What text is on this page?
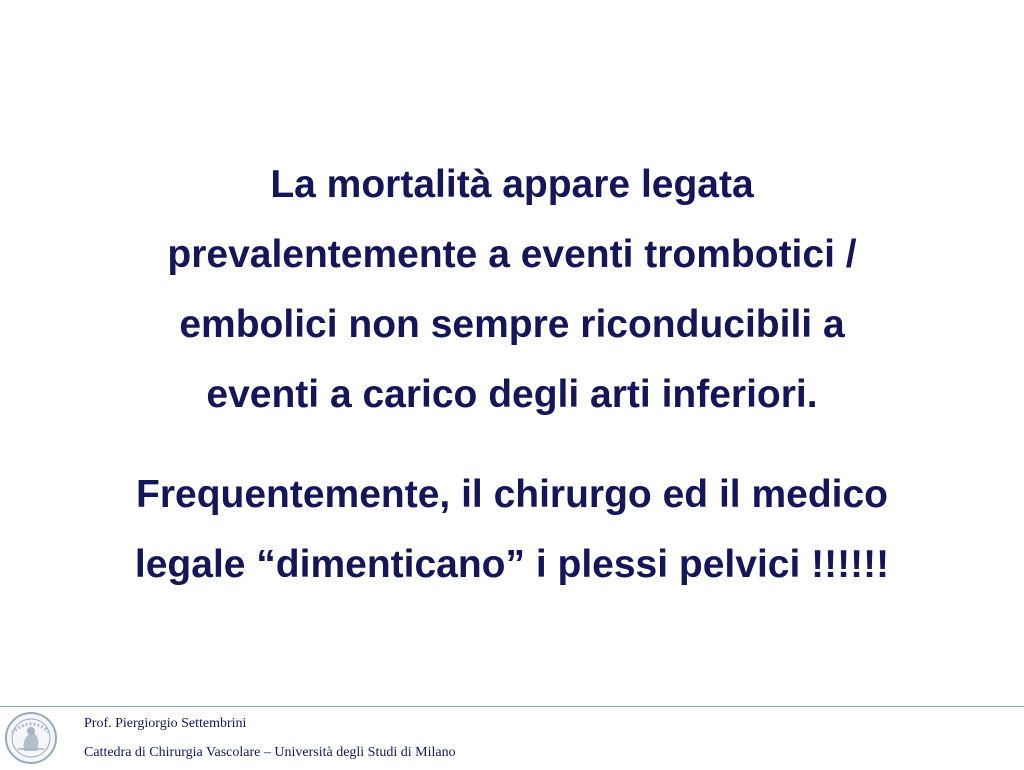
La mortalità appare legata
prevalentemente a eventi trombotici /
embolici non sempre riconducibili a
eventi a carico degli arti inferiori.

Frequentemente, il chirurgo ed il medico
legale “dimenticano” i plessi pelvici !!!!!!

Prof. Piergiorgio Settembrini
Cattedra di Chirurgia Vascolare – Università degli Studi di Milano
